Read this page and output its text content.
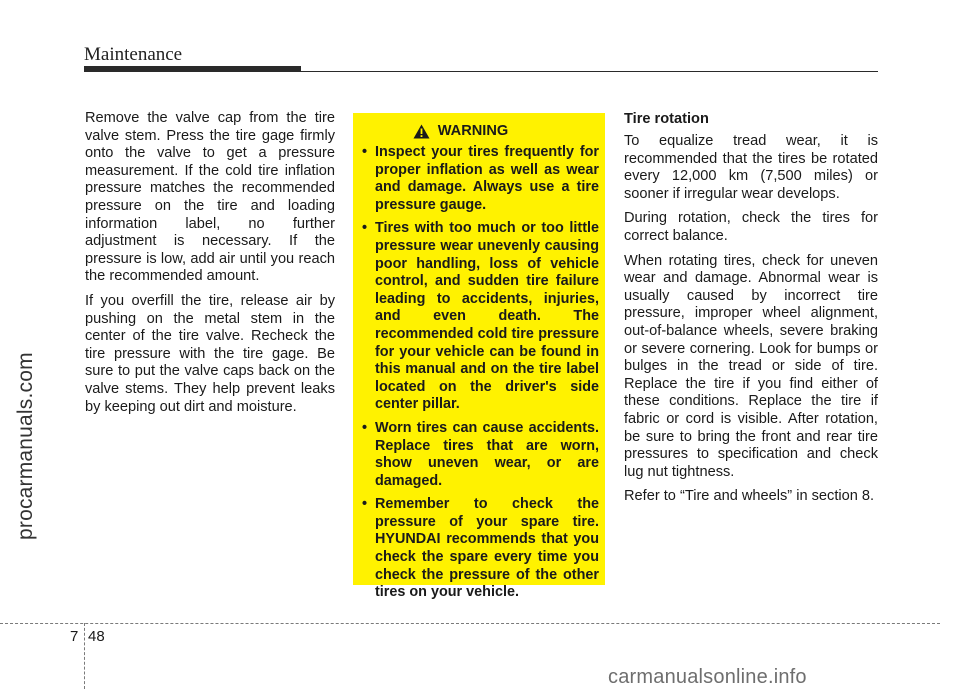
Maintenance

Remove the valve cap from the tire valve stem. Press the tire gage firmly onto the valve to get a pressure measurement. If the cold tire inflation pressure matches the recommended pressure on the tire and loading information label, no further adjustment is necessary. If the pressure is low, add air until you reach the recommended amount.

If you overfill the tire, release air by pushing on the metal stem in the center of the tire valve. Recheck the tire pressure with the tire gage. Be sure to put the valve caps back on the valve stems. They help prevent leaks by keeping out dirt and moisture.

WARNING
• Inspect your tires frequently for proper inflation as well as wear and damage. Always use a tire pressure gauge.
• Tires with too much or too little pressure wear unevenly causing poor handling, loss of vehicle control, and sudden tire failure leading to accidents, injuries, and even death. The recommended cold tire pressure for your vehicle can be found in this manual and on the tire label located on the driver's side center pillar.
• Worn tires can cause accidents. Replace tires that are worn, show uneven wear, or are damaged.
• Remember to check the pressure of your spare tire. HYUNDAI recommends that you check the spare every time you check the pressure of the other tires on your vehicle.
Tire rotation

To equalize tread wear, it is recommended that the tires be rotated every 12,000 km (7,500 miles) or sooner if irregular wear develops.

During rotation, check the tires for correct balance.

When rotating tires, check for uneven wear and damage. Abnormal wear is usually caused by incorrect tire pressure, improper wheel alignment, out-of-balance wheels, severe braking or severe cornering. Look for bumps or bulges in the tread or side of tire. Replace the tire if you find either of these conditions. Replace the tire if fabric or cord is visible. After rotation, be sure to bring the front and rear tire pressures to specification and check lug nut tightness.

Refer to “Tire and wheels” in section 8.

procarmanuals.com
7 48
carmanualsonline.info
